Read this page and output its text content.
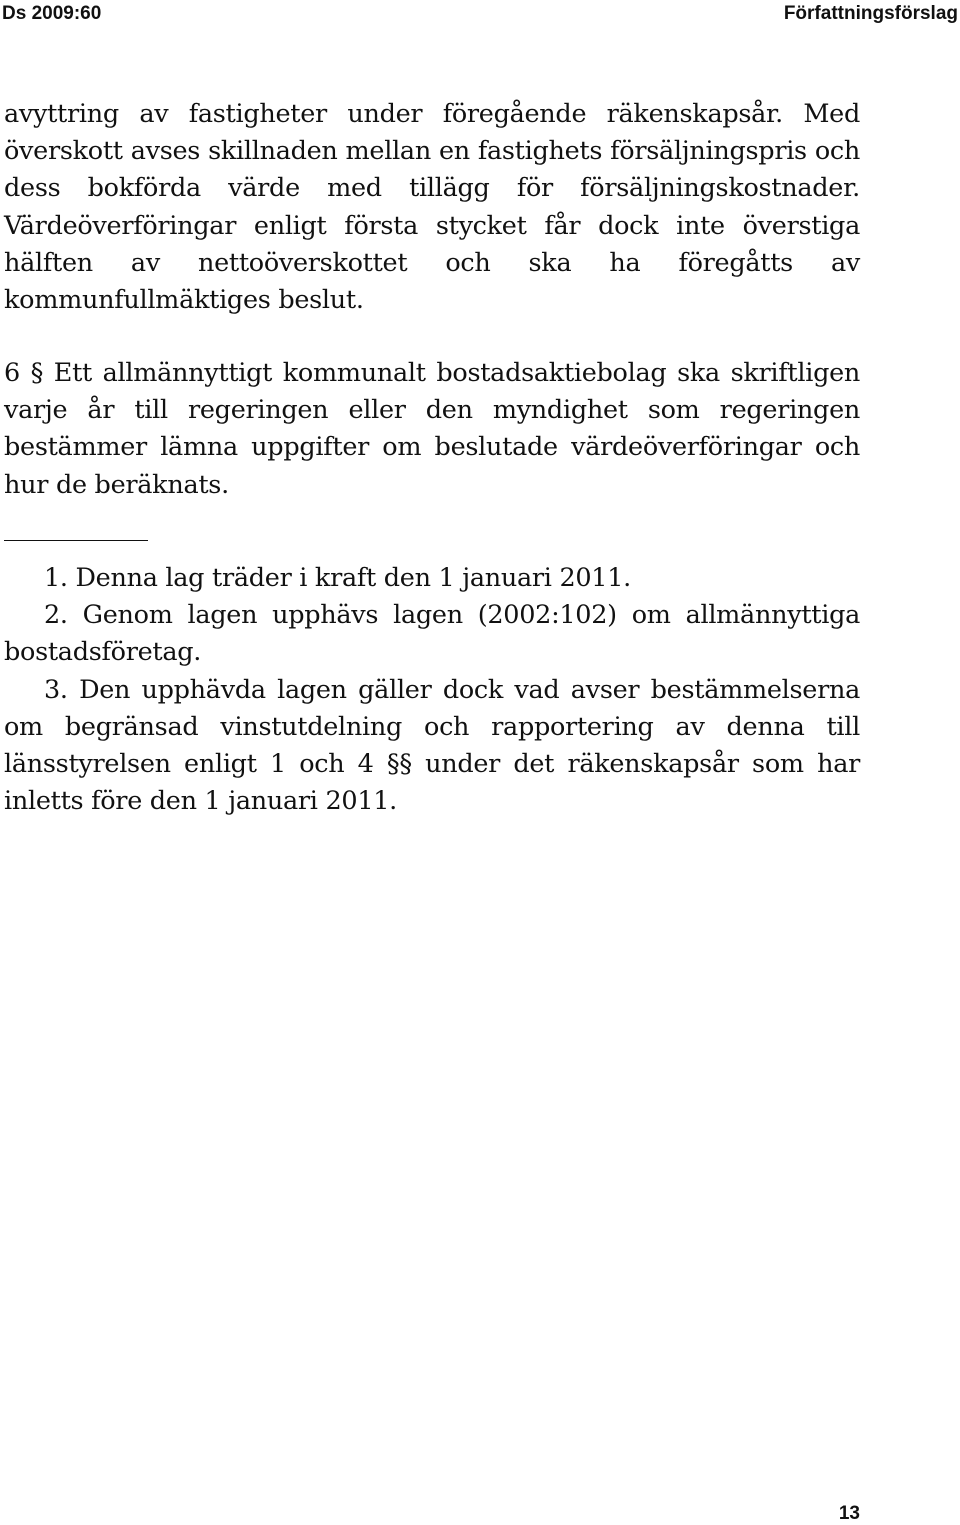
Ds 2009:60	Författningsförslag

avyttring av fastigheter under föregående räkenskapsår. Med överskott avses skillnaden mellan en fastighets försäljningspris och dess bokförda värde med tillägg för försäljningskostnader. Värdeöverföringar enligt första stycket får dock inte överstiga hälften av nettoöverskottet och ska ha föregåtts av kommunfullmäktiges beslut.

6 § Ett allmännyttigt kommunalt bostadsaktiebolag ska skriftligen varje år till regeringen eller den myndighet som regeringen bestämmer lämna uppgifter om beslutade värdeöverföringar och hur de beräknats.

1. Denna lag träder i kraft den 1 januari 2011.
2. Genom lagen upphävs lagen (2002:102) om allmännyttiga bostadsföretag.
3. Den upphävda lagen gäller dock vad avser bestämmelserna om begränsad vinstutdelning och rapportering av denna till länsstyrelsen enligt 1 och 4 §§ under det räkenskapsår som har inletts före den 1 januari 2011.
13
